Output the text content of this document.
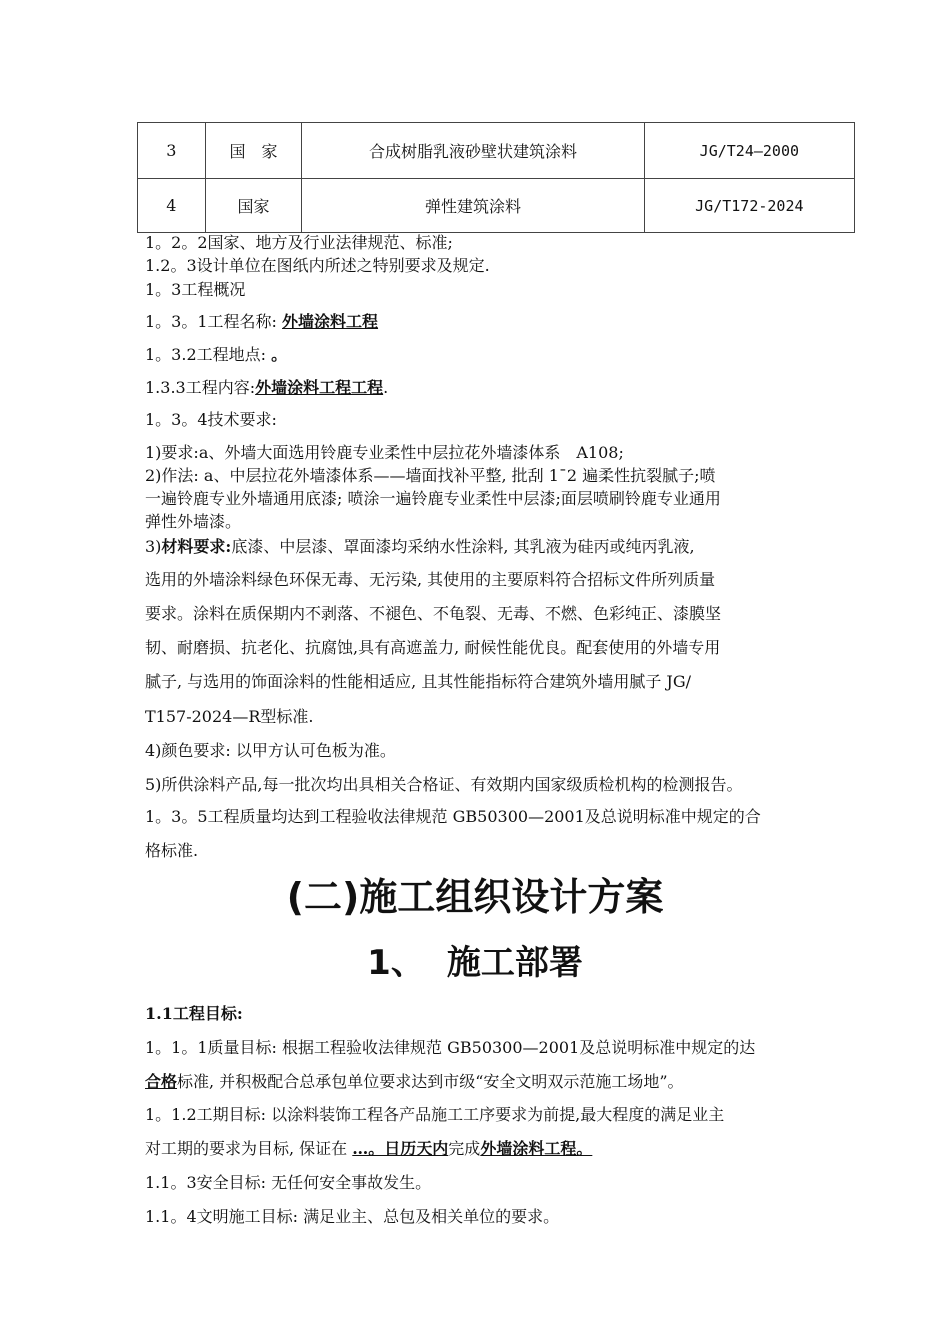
3	国　家	合成树脂乳液砂壁状建筑涂料	JG/T24—2000
4	国家	弹性建筑涂料	JG/T172-2024
1。2。2国家、地方及行业法律规范、标准;
1.2。3设计单位在图纸内所述之特别要求及规定.
1。3工程概况
1。3。1工程名称: 外墙涂料工程
1。3.2工程地点: 。
1.3.3工程内容:外墙涂料工程工程.
1。3。4技术要求:
1)要求:a、外墙大面选用铃鹿专业柔性中层拉花外墙漆体系　A108;
2)作法: a、中层拉花外墙漆体系——墙面找补平整, 批刮 1¯2 遍柔性抗裂腻子;喷
一遍铃鹿专业外墙通用底漆; 喷涂一遍铃鹿专业柔性中层漆;面层喷刷铃鹿专业通用
弹性外墙漆。
3)材料要求:底漆、中层漆、罩面漆均采纳水性涂料, 其乳液为硅丙或纯丙乳液,
选用的外墙涂料绿色环保无毒、无污染, 其使用的主要原料符合招标文件所列质量
要求。涂料在质保期内不剥落、不褪色、不龟裂、无毒、不燃、色彩纯正、漆膜坚
韧、耐磨损、抗老化、抗腐蚀,具有高遮盖力, 耐候性能优良。配套使用的外墙专用
腻子, 与选用的饰面涂料的性能相适应, 且其性能指标符合建筑外墙用腻子 JG/
T157-2024—R型标准.
4)颜色要求: 以甲方认可色板为准。
5)所供涂料产品,每一批次均出具相关合格证、有效期内国家级质检机构的检测报告。
1。3。5工程质量均达到工程验收法律规范 GB50300—2001及总说明标准中规定的合
格标准.
(二)施工组织设计方案
1、 施工部署
1.1工程目标:
1。1。1质量目标: 根据工程验收法律规范 GB50300—2001及总说明标准中规定的达
合格标准, 并积极配合总承包单位要求达到市级“安全文明双示范施工场地”。
1。1.2工期目标: 以涂料装饰工程各产品施工工序要求为前提,最大程度的满足业主
对工期的要求为目标, 保证在 …。日历天内完成外墙涂料工程。
1.1。3安全目标: 无任何安全事故发生。
1.1。4文明施工目标: 满足业主、总包及相关单位的要求。
